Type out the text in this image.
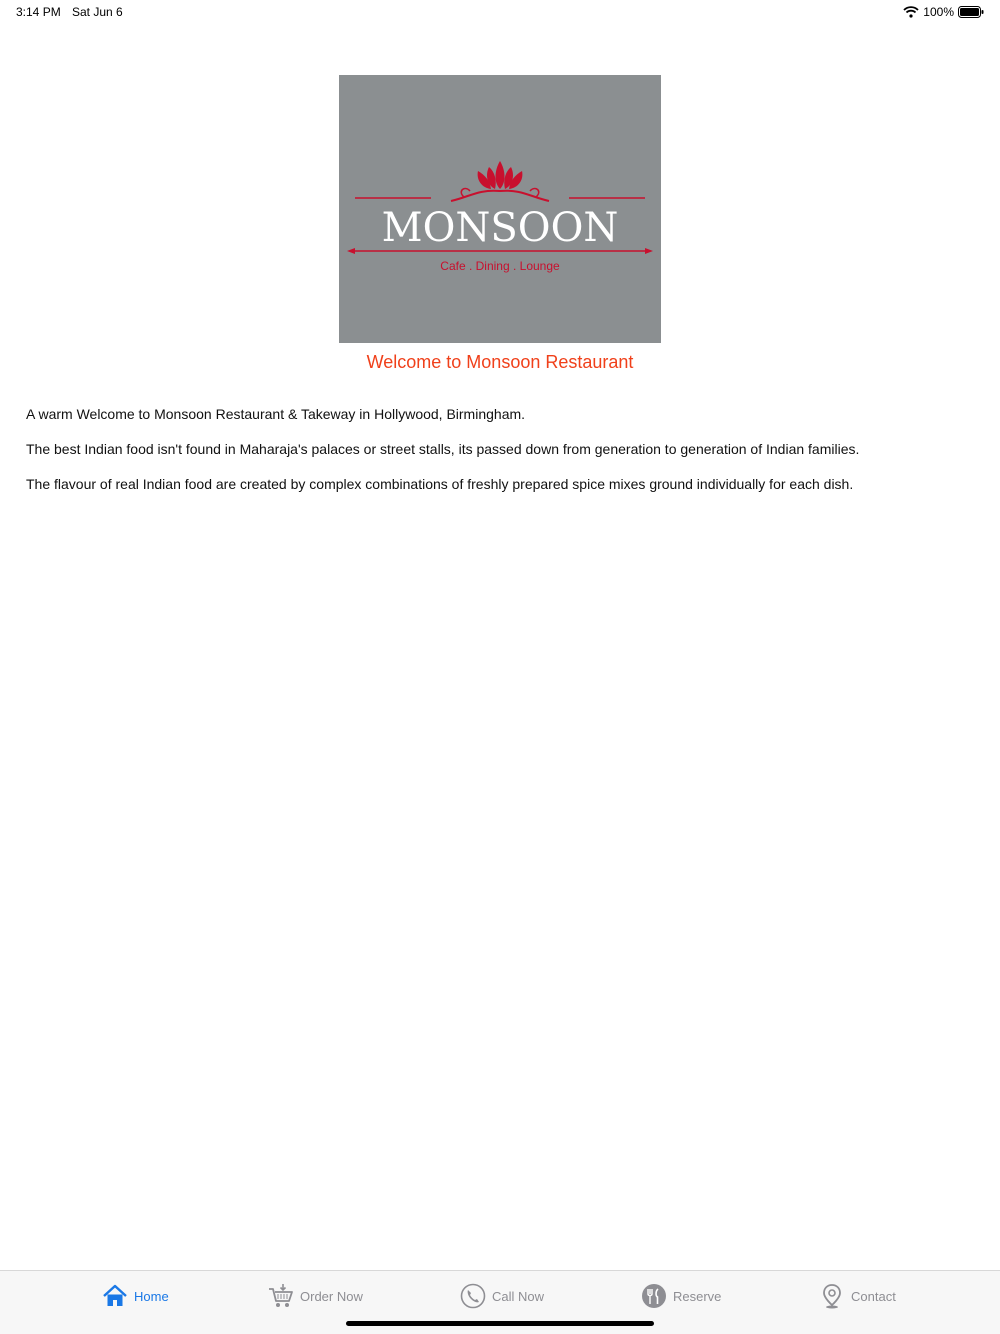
3:14 PM Sat Jun 6	100%
MONSOON
Cafe . Dining . Lounge
Welcome to Monsoon Restaurant

A warm Welcome to Monsoon Restaurant & Takeway in Hollywood, Birmingham.

The best Indian food isn't found in Maharaja's palaces or street stalls, its passed down from generation to generation of Indian families.

The flavour of real Indian food are created by complex combinations of freshly prepared spice mixes ground individually for each dish.

Home	Order Now	Call Now	Reserve	Contact
